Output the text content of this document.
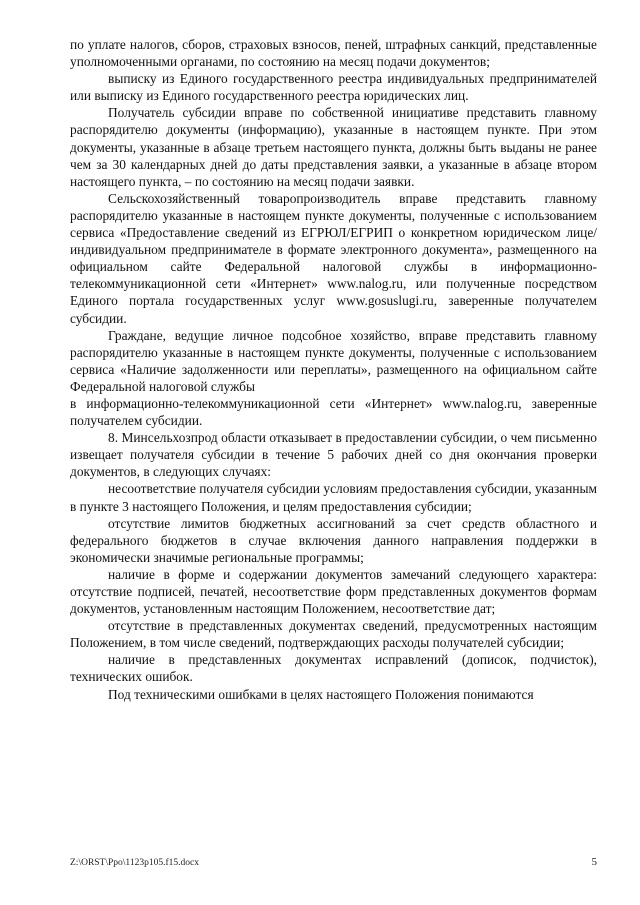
по уплате налогов, сборов, страховых взносов, пеней, штрафных санкций, представленные уполномоченными органами, по состоянию на месяц подачи документов;

выписку из Единого государственного реестра индивидуальных предпринимателей или выписку из Единого государственного реестра юридических лиц.

Получатель субсидии вправе по собственной инициативе представить главному распорядителю документы (информацию), указанные в настоящем пункте. При этом документы, указанные в абзаце третьем настоящего пункта, должны быть выданы не ранее чем за 30 календарных дней до даты представления заявки, а указанные в абзаце втором настоящего пункта, – по состоянию на месяц подачи заявки.

Сельскохозяйственный товаропроизводитель вправе представить главному распорядителю указанные в настоящем пункте документы, полученные с использованием сервиса «Предоставление сведений из ЕГРЮЛ/ЕГРИП о конкретном юридическом лице/индивидуальном предпринимателе в формате электронного документа», размещенного на официальном сайте Федеральной налоговой службы в информационно-телекоммуникационной сети «Интернет» www.nalog.ru, или полученные посредством Единого портала государственных услуг www.gosuslugi.ru, заверенные получателем субсидии.

Граждане, ведущие личное подсобное хозяйство, вправе представить главному распорядителю указанные в настоящем пункте документы, полученные с использованием сервиса «Наличие задолженности или переплаты», размещенного на официальном сайте Федеральной налоговой службы

в информационно-телекоммуникационной сети «Интернет» www.nalog.ru, заверенные получателем субсидии.

8. Минсельхозпрод области отказывает в предоставлении субсидии, о чем письменно извещает получателя субсидии в течение 5 рабочих дней со дня окончания проверки документов, в следующих случаях:

несоответствие получателя субсидии условиям предоставления субсидии, указанным в пункте 3 настоящего Положения, и целям предоставления субсидии;

отсутствие лимитов бюджетных ассигнований за счет средств областного и федерального бюджетов в случае включения данного направления поддержки в экономически значимые региональные программы;

наличие в форме и содержании документов замечаний следующего характера: отсутствие подписей, печатей, несоответствие форм представленных документов формам документов, установленным настоящим Положением, несоответствие дат;

отсутствие в представленных документах сведений, предусмотренных настоящим Положением, в том числе сведений, подтверждающих расходы получателей субсидии;

наличие в представленных документах исправлений (дописок, подчисток), технических ошибок.

Под техническими ошибками в целях настоящего Положения понимаются

Z:\ORST\Ppo\1123p105.f15.docx	5
